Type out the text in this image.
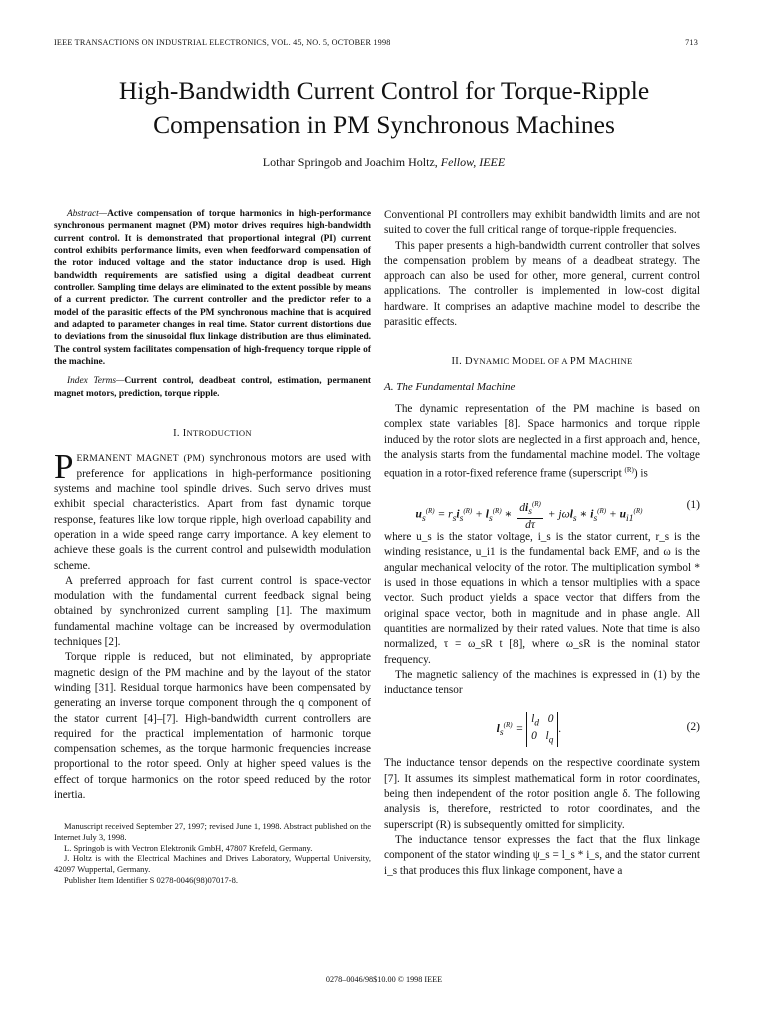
IEEE TRANSACTIONS ON INDUSTRIAL ELECTRONICS, VOL. 45, NO. 5, OCTOBER 1998	713
High-Bandwidth Current Control for Torque-Ripple
Compensation in PM Synchronous Machines
Lothar Springob and Joachim Holtz, Fellow, IEEE

Abstract—Active compensation of torque harmonics in high-performance synchronous permanent magnet (PM) motor drives requires high-bandwidth current control. It is demonstrated that proportional integral (PI) current control exhibits performance limits, even when feedforward compensation of the rotor induced voltage and the stator inductance drop is used. High bandwidth requirements are satisfied using a digital deadbeat current controller. Sampling time delays are eliminated to the extent possible by means of a current predictor. The current controller and the predictor refer to a model of the parasitic effects of the PM synchronous machine that is acquired and adapted to parameter changes in real time. Stator current distortions due to deviations from the sinusoidal flux linkage distribution are thus eliminated. The control system facilitates compensation of high-frequency torque ripple of the machine.

Index Terms—Current control, deadbeat control, estimation, permanent magnet motors, prediction, torque ripple.

I. INTRODUCTION

PERMANENT MAGNET (PM) synchronous motors are used with preference for applications in high-performance positioning systems and machine tool spindle drives. Such servo drives must exhibit special characteristics. Apart from fast dynamic torque response, features like low torque ripple, high overload capability and operation in a wide speed range carry importance. A key element to achieve these goals is the current control and pulsewidth modulation scheme.

A preferred approach for fast current control is space-vector modulation with the fundamental current feedback signal being obtained by synchronized current sampling [1]. The maximum fundamental machine voltage can be increased by overmodulation techniques [2].

Torque ripple is reduced, but not eliminated, by appropriate magnetic design of the PM machine and by the layout of the stator winding [31]. Residual torque harmonics have been compensated by generating an inverse torque component through the q component of the stator current [4]–[7]. High-bandwidth current controllers are required for the practical implementation of harmonic torque compensation schemes, as the torque harmonic frequencies increase proportional to the rotor speed. Only at higher speed values is the effect of torque harmonics on the rotor speed reduced by the rotor inertia.

Manuscript received September 27, 1997; revised June 1, 1998. Abstract published on the Internet July 3, 1998.

L. Springob is with Vectron Elektronik GmbH, 47807 Krefeld, Germany.

J. Holtz is with the Electrical Machines and Drives Laboratory, Wuppertal University, 42097 Wuppertal, Germany.

Publisher Item Identifier S 0278-0046(98)07017-8.

Conventional PI controllers may exhibit bandwidth limits and are not suited to cover the full critical range of torque-ripple frequencies.

This paper presents a high-bandwidth current controller that solves the compensation problem by means of a deadbeat strategy. The approach can also be used for other, more general, current control applications. The controller is implemented in low-cost digital hardware. It comprises an adaptive machine model to describe the parasitic effects.

II. DYNAMIC MODEL OF A PM MACHINE
A. The Fundamental Machine

The dynamic representation of the PM machine is based on complex state variables [8]. Space harmonics and torque ripple induced by the rotor slots are neglected in a first approach and, hence, the analysis starts from the fundamental machine model. The voltage equation in a rotor-fixed reference frame (superscript $^{(R)}$) is

$u_s^{(R)} = r_si_s^{(R)} + l_s^{(R)}$ ∗ $\frac{di_s^{(R)}}{d\tau} + j\omega l_s$ ∗ $i_s^{(R)} + u_{i1}^{(R)}$	(1)

where u_s is the stator voltage, i_s is the stator current, r_s is the winding resistance, u_i1 is the fundamental back EMF, and ω is the angular mechanical velocity of the rotor. The multiplication symbol * is used in those equations in which a tensor multiplies with a space vector. Such product yields a space vector that differs from the original space vector, both in magnitude and in phase angle. All quantities are normalized by their rated values. Note that time is also normalized, τ = ω_sR t [8], where ω_sR is the nominal stator frequency.

The magnetic saliency of the machines is expressed in (1) by the inductance tensor

$l_s^{(R)}$ =
$l_d$   0
0   $l_q$
.	(2)

The inductance tensor depends on the respective coordinate system [7]. It assumes its simplest mathematical form in rotor coordinates, being then independent of the rotor position angle δ. The following analysis is, therefore, restricted to rotor coordinates, and the superscript (R) is subsequently omitted for simplicity.

The inductance tensor expresses the fact that the flux linkage component of the stator winding ψ_s = l_s * i_s, and the stator current i_s that produces this flux linkage component, have a

0278–0046/98$10.00 © 1998 IEEE
